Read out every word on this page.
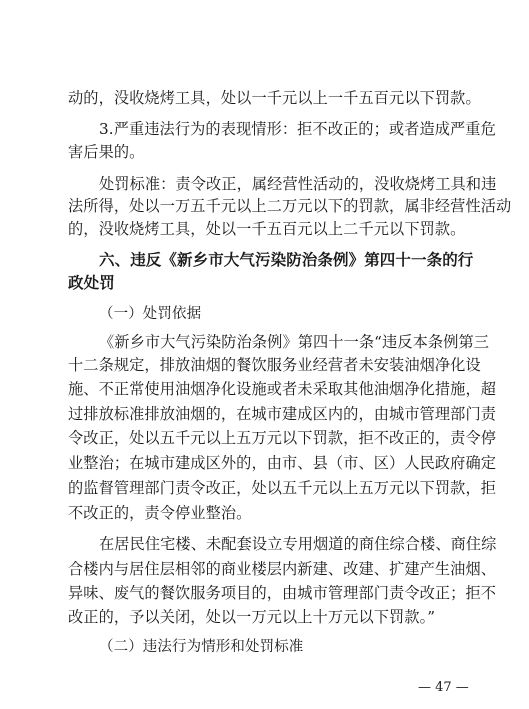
动的，没收烧烤工具，处以一千元以上一千五百元以下罚款。
3.严重违法行为的表现情形：拒不改正的；或者造成严重危
害后果的。
处罚标准：责令改正，属经营性活动的，没收烧烤工具和违
法所得，处以一万五千元以上二万元以下的罚款，属非经营性活动
的，没收烧烤工具，处以一千五百元以上二千元以下罚款。
六、违反《新乡市大气污染防治条例》第四十一条的行
政处罚
（一）处罚依据
《新乡市大气污染防治条例》第四十一条“违反本条例第三
十二条规定，排放油烟的餐饮服务业经营者未安装油烟净化设
施、不正常使用油烟净化设施或者未采取其他油烟净化措施，超
过排放标准排放油烟的，在城市建成区内的，由城市管理部门责
令改正，处以五千元以上五万元以下罚款，拒不改正的，责令停
业整治；在城市建成区外的，由市、县（市、区）人民政府确定
的监督管理部门责令改正，处以五千元以上五万元以下罚款，拒
不改正的，责令停业整治。
在居民住宅楼、未配套设立专用烟道的商住综合楼、商住综
合楼内与居住层相邻的商业楼层内新建、改建、扩建产生油烟、
异味、废气的餐饮服务项目的，由城市管理部门责令改正；拒不
改正的，予以关闭，处以一万元以上十万元以下罚款。”
（二）违法行为情形和处罚标准
— 47 —
